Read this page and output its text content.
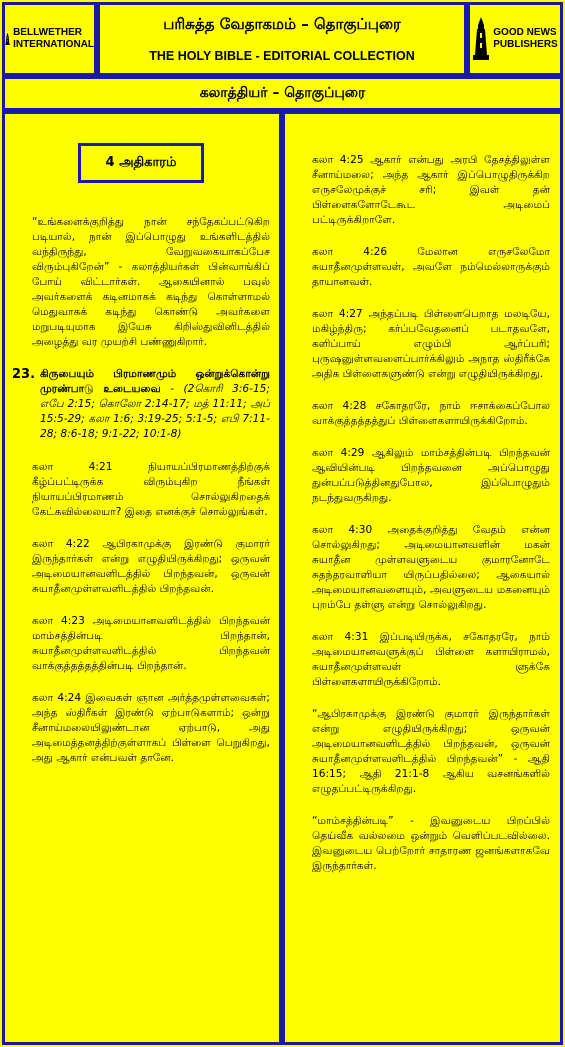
BELLWETHER
INTERNATIONAL
பரிசுத்த வேதாகமம் – தொகுப்புரை
THE HOLY BIBLE - EDITORIAL COLLECTION
GOOD NEWS
PUBLISHERS
கலாத்தியர் – தொகுப்புரை
4 அதிகாரம்

“உங்களைக்குறித்து நான் சந்தேகப்பட்டுகிற படியால், நான் இப்பொழுது உங்களிடத்தில் வந்திருந்து, வேறுவகையாகப்பேச விரும்புகிறேன்” - கலாத்தியர்கள் பின்வாங்கிப் போய் விட்டார்கள். ஆகையினால் பவுல் அவர்களைக் கடினமாகக் கடிந்து கொள்ளாமல் மெதுவாகக் கடிந்து கொண்டு அவர்களை மறுபடியுமாக இயேசு கிறிஸ்துவினிடத்தில் அழைத்து வர முயற்சி பண்ணுகிறார்.

23. கிருபையும் பிரமாணமும் ஒன்றுக்கொன்று முரண்பாடு உடையவை - (2கொரி 3:6-15; எபே 2:15; கொலோ 2:14-17; மத் 11:11; அப் 15:5-29; கலா 1:6; 3:19-25; 5:1-5; எபி 7:11-28; 8:6-18; 9:1-22; 10:1-8)

கலா 4:21 நியாயப்பிரமாணத்திற்குக் கீழ்ப்பட்டிருக்க விரும்புகிற நீங்கள் நியாயப்பிரமாணம் சொல்லுகிறதைக் கேட்கவில்லையா? இதை எனக்குச் சொல்லுங்கள்.

கலா 4:22 ஆபிரகாமுக்கு இரண்டு குமாரர் இருந்தார்கள் என்று எழுதியிருக்கிறது; ஒருவன் அடிமையானவளிடத்தில் பிறந்தவன், ஒருவன் சுயாதீனமுள்ளவளிடத்தில் பிறந்தவன்.

கலா 4:23 அடிமையானவளிடத்தில் பிறந்தவன் மாம்சத்தின்படி பிறந்தான், சுயாதீனமுள்ளவளிடத்தில் பிறந்தவன் வாக்குத்தத்தத்தின்படி பிறந்தான்.

கலா 4:24 இவைகள் ஞான அர்த்தமுள்ளவைகள்; அந்த ஸ்திரீகள் இரண்டு ஏற்பாடுகளாம்; ஒன்று சீனாய்மலையிலுண்டான ஏற்பாடு, அது அடிமைத்தனத்திற்குள்ளாகப் பிள்ளை பெறுகிறது, அது ஆகார் என்பவள் தானே.

கலா 4:25 ஆகார் என்பது அரபி தேசத்திலுள்ள சீனாய்மலை; அந்த ஆகார் இப்பொழுதிருக்கிற எருசலேமுக்குச் சரி; இவள் தன் பிள்ளைகளோடேகூட அடிமைப் பட்டிருக்கிறாளே.

கலா 4:26 மேலான எருசலேமோ சுயாதீனமுள்ளவள், அவளே நம்மெல்லாருக்கும் தாயானவள்.

கலா 4:27 அந்தப்படி பிள்ளைபெறாத மலடியே, மகிழ்ந்திரு; கர்ப்பவேதனைப் படாதவளே, களிப்பாய் எழும்பி ஆர்ப்பரி; புருஷனுள்ளவளைப்பார்க்கிலும் அநாத ஸ்திரீக்கே அதிக பிள்ளைகளுண்டு என்று எழுதியிருக்கிறது.

கலா 4:28 சகோதரரே, நாம் ஈசாக்கைப்போல வாக்குத்தத்தத்துப் பிள்ளைகளாயிருக்கிறோம்.

கலா 4:29 ஆகிலும் மாம்சத்தின்படி பிறந்தவன் ஆவியின்படி பிறந்தவனை அப்பொழுது துன்பப்படுத்தினதுபோல, இப்பொழுதும் நடந்துவருகிறது.

கலா 4:30 அதைக்குறித்து வேதம் என்ன சொல்லுகிறது; அடிமையானவளின் மகன் சுயாதீன முள்ளவளுடைய குமாரனோடே சுதந்தரவாளியா யிருப்பதில்லை; ஆகையால் அடிமையானவளையும், அவளுடைய மகனையும் புறம்பே தள்ளு என்று சொல்லுகிறது.

கலா 4:31 இப்படியிருக்க, சகோதரரே, நாம் அடிமையானவளுக்குப் பிள்ளை களாயிராமல், சுயாதீனமுள்ளவள் ளுக்கே பிள்ளைகளாயிருக்கிறோம்.

“ஆபிரகாமுக்கு இரண்டு குமாரர் இருந்தார்கள் என்று எழுதியிருக்கிறது; ஒருவன் அடிமையானவளிடத்தில் பிறந்தவன், ஒருவன் சுயாதீனமுள்ளவளிடத்தில் பிறந்தவன்” - ஆதி 16:15; ஆதி 21:1-8 ஆகிய வசனங்களில் எழுதப்பட்டிருக்கிறது.

“மாம்சத்தின்படி” - இவனுடைய பிறப்பில் தெய்வீக வல்லமை ஒன்றும் வெளிப்படவில்லை. இவனுடைய பெற்றோர் சாதாரண ஜனங்களாகவே இருந்தார்கள்.
